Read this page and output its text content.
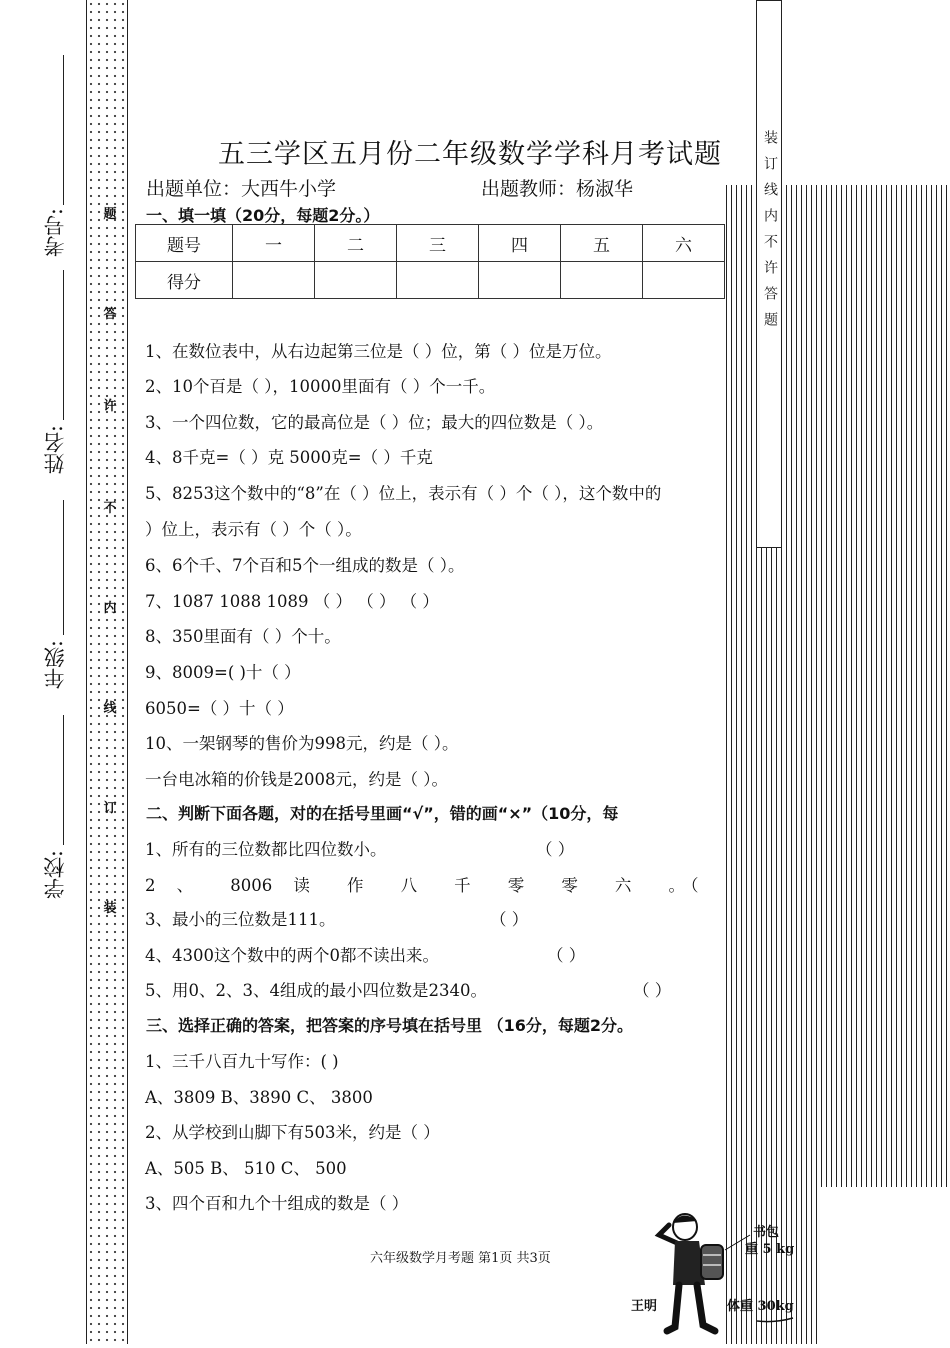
考号:
姓名:
年级:
学校:
题
答
许
不
内
线
订
装
装订线内不许答题
五三学区五月份二年级数学学科月考试题
出题单位：大西牛小学	出题教师：杨淑华
一、填一填（20分，每题2分。）
题号	一	二	三	四	五	六
得分						
1、在数位表中，从右边起第三位是（ ）位，第（ ）位是万位。
2、10个百是（ ），10000里面有（ ）个一千。
3、一个四位数，它的最高位是（ ）位；最大的四位数是（ ）。
4、8千克=（ ）克 5000克=（ ）千克
5、8253这个数中的“8”在（ ）位上，表示有（ ）个（ ），这个数中的
）位上，表示有（ ）个（ ）。
6、6个千、7个百和5个一组成的数是（ ）。
7、1087 1088 1089 （ ） （ ） （ ）
8、350里面有（ ）个十。
9、8009=( )十（ ）
6050=（ ）十（ ）
10、一架钢琴的售价为998元，约是（ ）。
一台电冰箱的价钱是2008元，约是（ ）。
二、判断下面各题，对的在括号里画“√”，错的画“×”（10分，每
1、所有的三位数都比四位数小。	（ ）
2 、 8006 读 作 八 千 零 零 六 。
（
3、最小的三位数是111。	（ ）
4、4300这个数中的两个0都不读出来。	（ ）
5、用0、2、3、4组成的最小四位数是2340。	（ ）
三、选择正确的答案，把答案的序号填在括号里 （16分，每题2分。
1、三千八百九十写作：( )
A、3809 B、3890 C、 3800
2、从学校到山脚下有503米，约是（ ）
A、505 B、 510 C、 500
3、四个百和九个十组成的数是（ ）
六年级数学月考题 第1页 共3页
书包
重 5 kg
王明	体重 30kg
